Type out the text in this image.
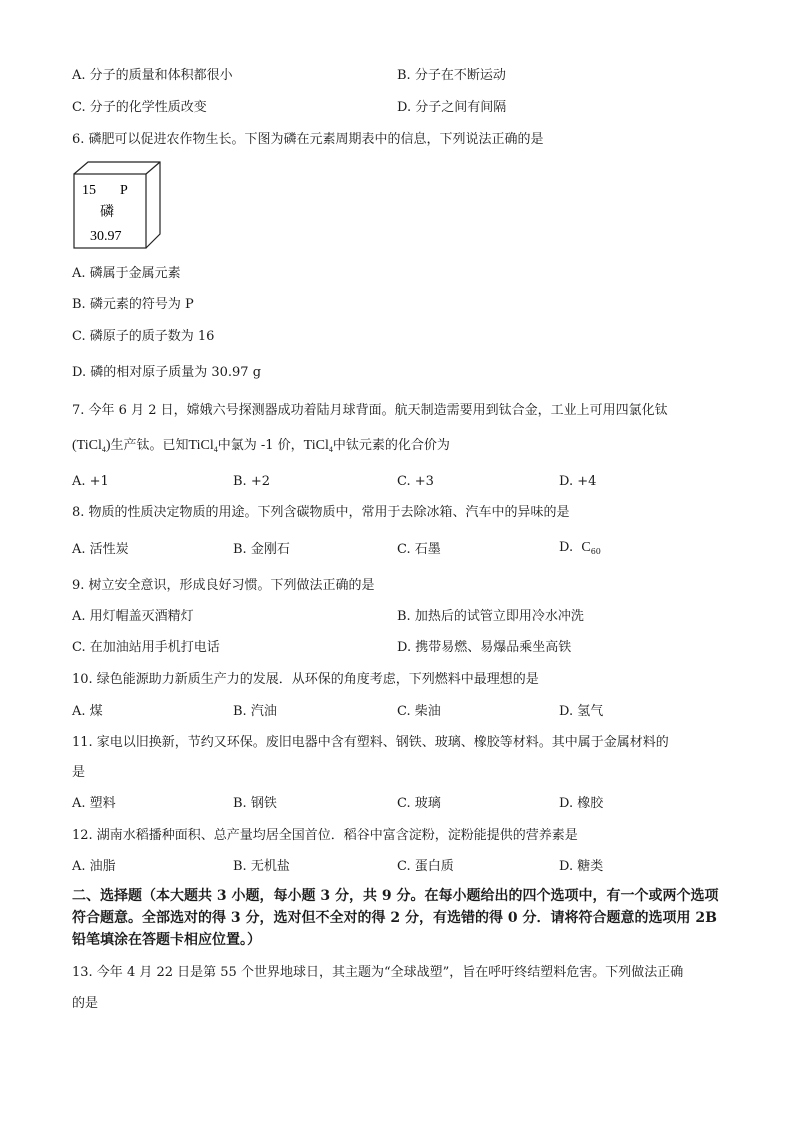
A. 分子的质量和体积都很小	B. 分子在不断运动
C. 分子的化学性质改变	D. 分子之间有间隔
6. 磷肥可以促进农作物生长。下图为磷在元素周期表中的信息，下列说法正确的是
15 P
磷
30.97
A. 磷属于金属元素
B. 磷元素的符号为 P
C. 磷原子的质子数为 16
D. 磷的相对原子质量为 30.97 g
7. 今年 6 月 2 日，嫦娥六号探测器成功着陆月球背面。航天制造需要用到钛合金，工业上可用四氯化钛
(TiCl$_4$)生产钛。已知TiCl$_4$中氯为 -1 价，TiCl$_4$中钛元素的化合价为
A. +1	B. +2	C. +3	D. +4
8. 物质的性质决定物质的用途。下列含碳物质中，常用于去除冰箱、汽车中的异味的是
A. 活性炭	B. 金刚石	C. 石墨	D. $C_{60}$
9. 树立安全意识，形成良好习惯。下列做法正确的是
A. 用灯帽盖灭酒精灯	B. 加热后的试管立即用冷水冲洗
C. 在加油站用手机打电话	D. 携带易燃、易爆品乘坐高铁
10. 绿色能源助力新质生产力的发展．从环保的角度考虑，下列燃料中最理想的是
A. 煤	B. 汽油	C. 柴油	D. 氢气
11. 家电以旧换新，节约又环保。废旧电器中含有塑料、钢铁、玻璃、橡胶等材料。其中属于金属材料的
是
A. 塑料	B. 钢铁	C. 玻璃	D. 橡胶
12. 湖南水稻播种面积、总产量均居全国首位．稻谷中富含淀粉，淀粉能提供的营养素是
A. 油脂	B. 无机盐	C. 蛋白质	D. 糖类
二、选择题（本大题共 3 小题，每小题 3 分，共 9 分。在每小题给出的四个选项中，有一个或两个选项符合题意。全部选对的得 3 分，选对但不全对的得 2 分，有选错的得 0 分．请将符合题意的选项用 2B 铅笔填涂在答题卡相应位置。）
13. 今年 4 月 22 日是第 55 个世界地球日，其主题为“全球战塑”，旨在呼吁终结塑料危害。下列做法正确
的是
